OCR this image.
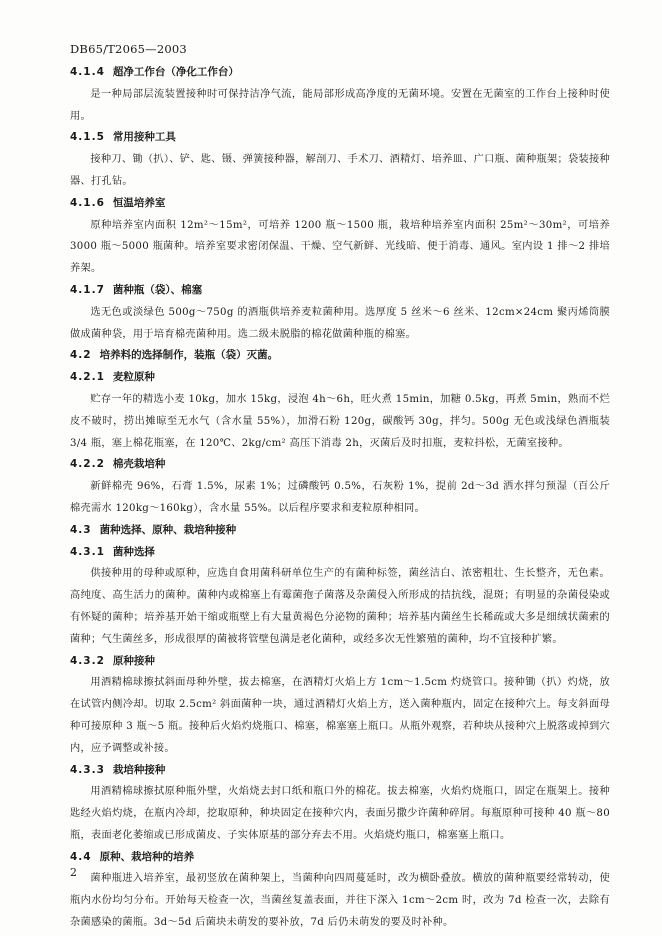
DB65/T2065—2003
4.1.4 超净工作台（净化工作台）

是一种局部层流装置接种时可保持洁净气流，能局部形成高净度的无菌环境。安置在无菌室的工作台上接种时使用。

4.1.5 常用接种工具

接种刀、锄（扒）、铲、匙、镊、弹簧接种器，解剖刀、手术刀、酒精灯、培养皿、广口瓶、菌种瓶架；袋装接种器、打孔钻。

4.1.6 恒温培养室

原种培养室内面积 12m²～15m²，可培养 1200 瓶～1500 瓶，栽培种培养室内面积 25m²～30m²，可培养 3000 瓶～5000 瓶菌种。培养室要求密闭保温、干燥、空气新鲜、光线暗、便于消毒、通风。室内设 1 排～2 排培养架。

4.1.7 菌种瓶（袋）、棉塞

选无色或淡绿色 500g～750g 的酒瓶供培养麦粒菌种用。选厚度 5 丝米～6 丝米、12cm×24cm 聚丙烯筒膜做成菌种袋，用于培育棉壳菌种用。选二级未脱脂的棉花做菌种瓶的棉塞。

4.2 培养料的选择制作，装瓶（袋）灭菌。
4.2.1 麦粒原种

贮存一年的精选小麦 10kg，加水 15kg，浸泡 4h～6h，旺火煮 15min，加糖 0.5kg，再煮 5min，熟而不烂皮不破时，捞出摊晾至无水气（含水量 55%），加滑石粉 120g，碳酸钙 30g，拌匀。500g 无色或浅绿色酒瓶装 3/4 瓶，塞上棉花瓶塞，在 120℃、2kg/cm² 高压下消毒 2h，灭菌后及时扣瓶，麦粒抖松，无菌室接种。

4.2.2 棉壳栽培种

新鲜棉壳 96%，石膏 1.5%，尿素 1%；过磷酸钙 0.5%，石灰粉 1%，提前 2d～3d 洒水拌匀预湿（百公斤棉壳需水 120kg～160kg），含水量 55%。以后程序要求和麦粒原种相同。

4.3 菌种选择、原种、栽培种接种
4.3.1 菌种选择

供接种用的母种或原种，应选自食用菌科研单位生产的有菌种标签，菌丝洁白、浓密粗壮、生长整齐，无色素。高纯度、高生活力的菌种。菌种内或棉塞上有霉菌孢子菌落及杂菌侵入所形成的拮抗线，混斑；有明显的杂菌侵染或有怀疑的菌种；培养基开始干缩或瓶壁上有大量黄褐色分泌物的菌种；培养基内菌丝生长稀疏或大多是细绒状菌索的菌种；气生菌丝多，形成很厚的菌被将管壁包满是老化菌种，或经多次无性繁殖的菌种，均不宜接种扩繁。

4.3.2 原种接种

用酒精棉球擦拭斜面母种外壁，拔去棉塞，在酒精灯火焰上方 1cm～1.5cm 灼烧管口。接种锄（扒）灼烧，放在试管内侧冷却。切取 2.5cm² 斜面菌种一块，通过酒精灯火焰上方，送入菌种瓶内，固定在接种穴上。每支斜面母种可接原种 3 瓶～5 瓶。接种后火焰灼烧瓶口、棉塞，棉塞塞上瓶口。从瓶外观察，若种块从接种穴上脱落或掉到穴内，应予调整或补接。

4.3.3 栽培种接种

用酒精棉球擦拭原种瓶外壁，火焰烧去封口纸和瓶口外的棉花。拔去棉塞，火焰灼烧瓶口，固定在瓶架上。接种匙经火焰灼烧，在瓶内冷却，挖取原种，种块固定在接种穴内，表面另撒少许菌种碎屑。每瓶原种可接种 40 瓶～80 瓶，表面老化萎缩或已形成菌皮、子实体原基的部分弃去不用。火焰烧灼瓶口，棉塞塞上瓶口。

4.4 原种、栽培种的培养

菌种瓶进入培养室，最初竖放在菌种架上，当菌种向四周蔓延时，改为横卧叠放。横放的菌种瓶要经常转动，使瓶内水份均匀分布。开始每天检查一次，当菌丝复盖表面，并往下深入 1cm～2cm 时，改为 7d 检查一次，去除有杂菌感染的菌瓶。3d～5d 后菌块未萌发的要补放，7d 后仍未萌发的要及时补种。

2
